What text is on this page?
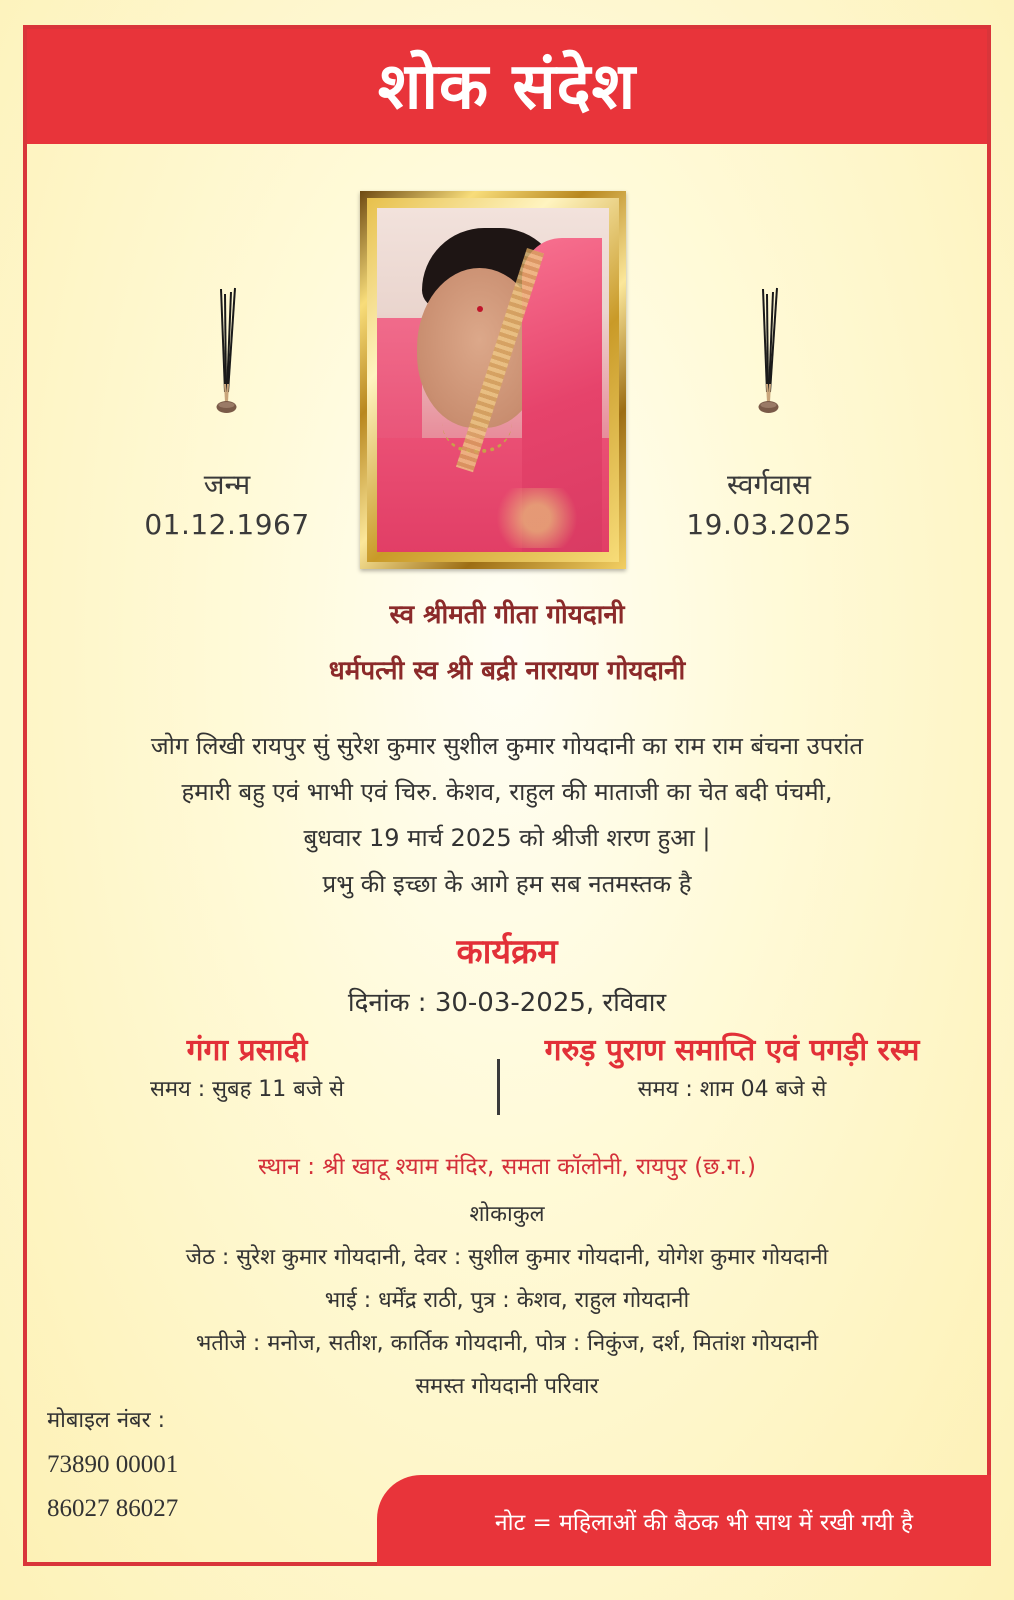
शोक संदेश
जन्म
01.12.1967
स्वर्गवास
19.03.2025
स्व श्रीमती गीता गोयदानी
धर्मपत्नी स्व श्री बद्री नारायण गोयदानी
जोग लिखी रायपुर सुं सुरेश कुमार सुशील कुमार गोयदानी का राम राम बंचना उपरांत
हमारी बहु एवं भाभी एवं चिरु. केशव, राहुल की माताजी का चेत बदी पंचमी,
बुधवार 19 मार्च 2025 को श्रीजी शरण हुआ |
प्रभु की इच्छा के आगे हम सब नतमस्तक है
कार्यक्रम
दिनांक : 30-03-2025, रविवार
गंगा प्रसादी
समय : सुबह 11 बजे से
गरुड़ पुराण समाप्ति एवं पगड़ी रस्म
समय : शाम 04 बजे से
स्थान : श्री खाटू श्याम मंदिर, समता कॉलोनी, रायपुर (छ.ग.)
शोकाकुल
जेठ : सुरेश कुमार गोयदानी, देवर : सुशील कुमार गोयदानी, योगेश कुमार गोयदानी
भाई : धर्मेंद्र राठी, पुत्र : केशव, राहुल गोयदानी
भतीजे : मनोज, सतीश, कार्तिक गोयदानी, पोत्र : निकुंज, दर्श, मितांश गोयदानी
समस्त गोयदानी परिवार
मोबाइल नंबर :
73890 00001
86027 86027
नोट = महिलाओं की बैठक भी साथ में रखी गयी है
